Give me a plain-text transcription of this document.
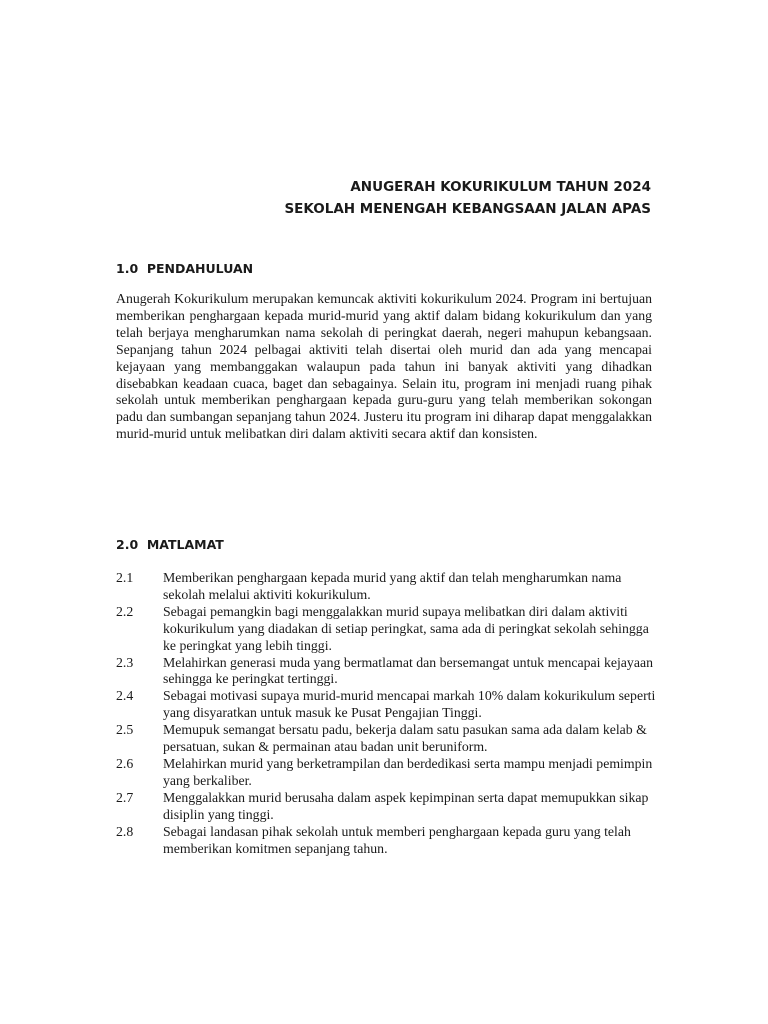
ANUGERAH KOKURIKULUM TAHUN 2024
SEKOLAH MENENGAH KEBANGSAAN JALAN APAS
1.0  PENDAHULUAN

Anugerah Kokurikulum merupakan kemuncak aktiviti kokurikulum 2024. Program ini bertujuan memberikan penghargaan kepada murid-murid yang aktif dalam bidang kokurikulum dan yang telah berjaya mengharumkan nama sekolah di peringkat daerah, negeri mahupun kebangsaan. Sepanjang tahun 2024 pelbagai aktiviti telah disertai oleh murid dan ada yang mencapai kejayaan yang membanggakan walaupun pada tahun ini banyak aktiviti yang dihadkan disebabkan keadaan cuaca, baget dan sebagainya. Selain itu, program ini menjadi ruang pihak sekolah untuk memberikan penghargaan kepada guru-guru yang telah memberikan sokongan padu dan sumbangan sepanjang tahun 2024. Justeru itu program ini diharap dapat menggalakkan murid-murid untuk melibatkan diri dalam aktiviti secara aktif dan konsisten.

2.0  MATLAMAT
2.1	Memberikan penghargaan kepada murid yang aktif dan telah mengharumkan nama sekolah melalui aktiviti kokurikulum.
2.2	Sebagai pemangkin bagi menggalakkan murid supaya melibatkan diri dalam aktiviti kokurikulum yang diadakan di setiap peringkat, sama ada di peringkat sekolah sehingga ke peringkat yang lebih tinggi.
2.3	Melahirkan generasi muda yang bermatlamat dan bersemangat untuk mencapai kejayaan sehingga ke peringkat tertinggi.
2.4	Sebagai motivasi supaya murid-murid mencapai markah 10% dalam kokurikulum seperti yang disyaratkan untuk masuk ke Pusat Pengajian Tinggi.
2.5	Memupuk semangat bersatu padu, bekerja dalam satu pasukan sama ada dalam kelab & persatuan, sukan & permainan atau badan unit beruniform.
2.6	Melahirkan murid yang berketrampilan dan berdedikasi serta mampu menjadi pemimpin yang berkaliber.
2.7	Menggalakkan murid berusaha dalam aspek kepimpinan serta dapat memupukkan sikap disiplin yang tinggi.
2.8	Sebagai landasan pihak sekolah untuk memberi penghargaan kepada guru yang telah memberikan komitmen sepanjang tahun.
